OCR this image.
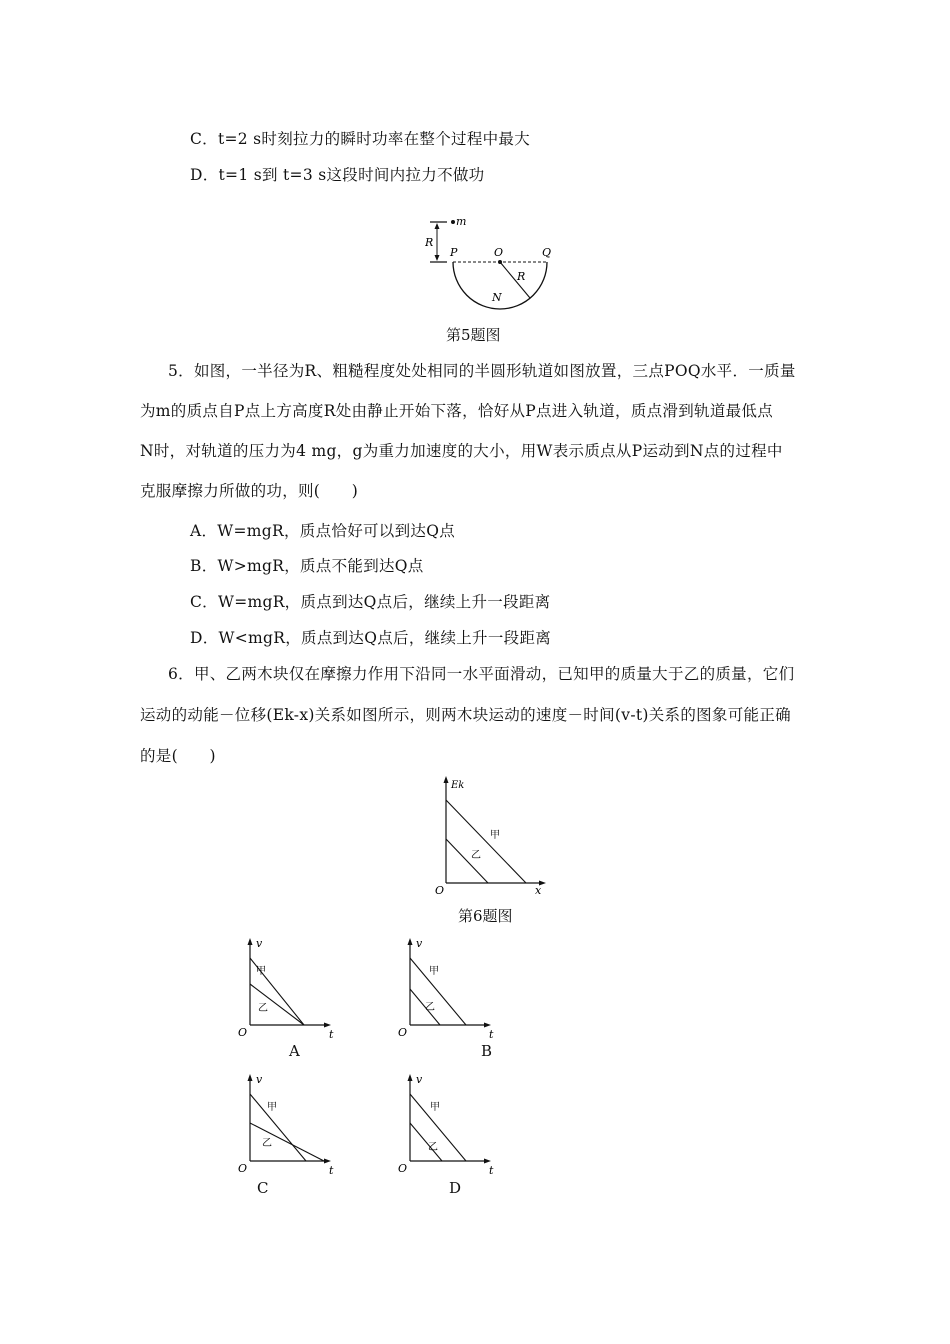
C．t=2 s时刻拉力的瞬时功率在整个过程中最大
D．t=1 s到 t=3 s这段时间内拉力不做功
m
R
P	O	Q
R
N
第5题图
5．如图，一半径为R、粗糙程度处处相同的半圆形轨道如图放置，三点POQ水平．一质量
为m的质点自P点上方高度R处由静止开始下落，恰好从P点进入轨道，质点滑到轨道最低点
N时，对轨道的压力为4 mg，g为重力加速度的大小，用W表示质点从P运动到N点的过程中
克服摩擦力所做的功，则(　　)
A．W=mgR，质点恰好可以到达Q点
B．W>mgR，质点不能到达Q点
C．W=mgR，质点到达Q点后，继续上升一段距离
D．W<mgR，质点到达Q点后，继续上升一段距离
6．甲、乙两木块仅在摩擦力作用下沿同一水平面滑动，已知甲的质量大于乙的质量，它们
运动的动能－位移(Ek-x)关系如图所示，则两木块运动的速度－时间(v-t)关系的图象可能正确
的是(　　)
Ek
x
O
甲
乙
第6题图
v
t
O
甲
乙
A
v
t
O
甲
乙
B
v
t
O
甲
乙
C
v
t
O
甲
乙
D
